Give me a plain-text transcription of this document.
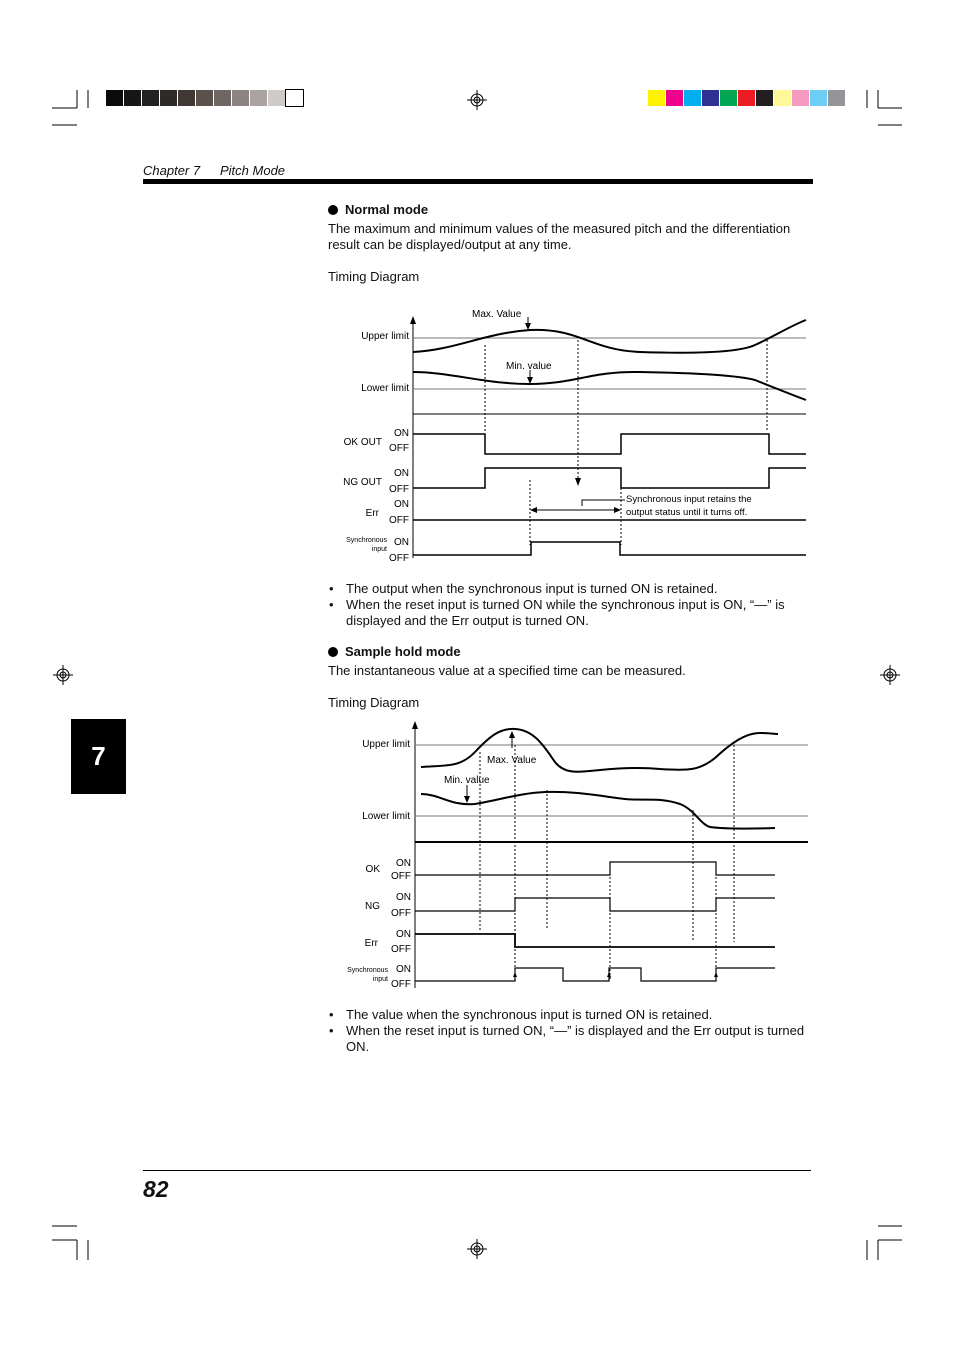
Chapter 7 Pitch Mode
7
Normal mode
The maximum and minimum values of the measured pitch and the differentiation result can be displayed/output at any time.
Timing Diagram
Max. Value
Min. value
Upper limit
Lower limit
OK OUT
ON
OFF
NG OUT
ON
OFF
Err
ON
OFF
ON
OFF
Synchronous input retains the
output status until it turns off.
Synchronous
input
• The output when the synchronous input is turned ON is retained.
• When the reset input is turned ON while the synchronous input is ON, “—” is displayed and the Err output is turned ON.
Sample hold mode
The instantaneous value at a specified time can be measured.
Timing Diagram
Max. Value
Min. value
Upper limit
Lower limit
OK
ON
OFF
NG
ON
OFF
Err
ON
OFF
ON
OFF
Synchronous
input
• The value when the synchronous input is turned ON is retained.
• When the reset input is turned ON, “—” is displayed and the Err output is turned ON.
82
